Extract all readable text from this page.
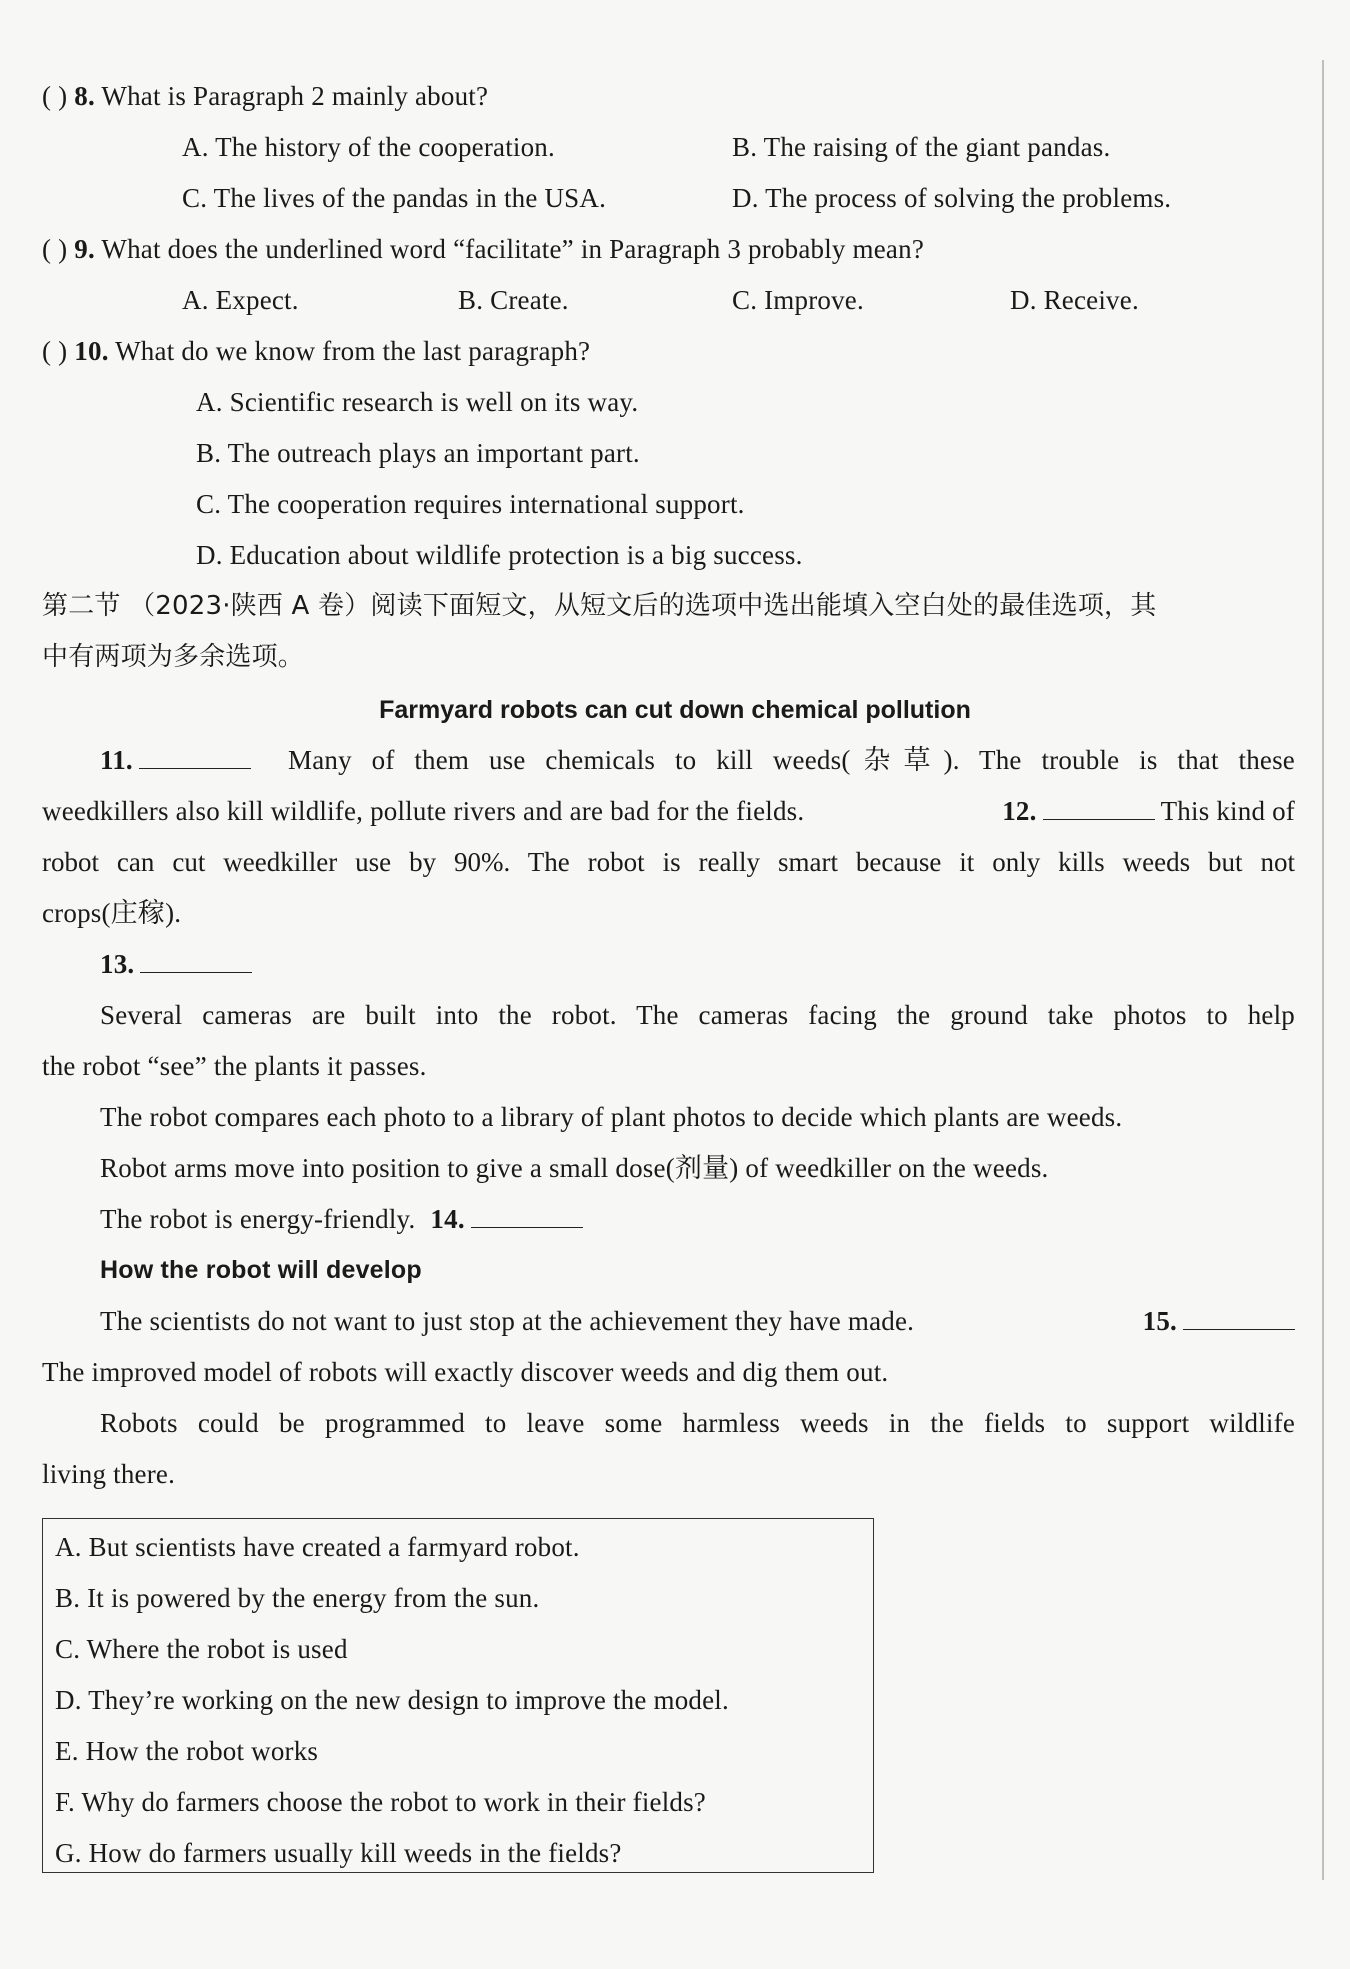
( ) 8. What is Paragraph 2 mainly about?
A. The history of the cooperation.	B. The raising of the giant pandas.
C. The lives of the pandas in the USA.	D. The process of solving the problems.
( ) 9. What does the underlined word “facilitate” in Paragraph 3 probably mean?
A. Expect.	B. Create.	C. Improve.	D. Receive.
( ) 10. What do we know from the last paragraph?
A. Scientific research is well on its way.
B. The outreach plays an important part.
C. The cooperation requires international support.
D. Education about wildlife protection is a big success.
第二节 （2023·陕西 A 卷）阅读下面短文，从短文后的选项中选出能填入空白处的最佳选项，其
中有两项为多余选项。
Farmyard robots can cut down chemical pollution
11.	Many of them use chemicals to kill weeds(杂草). The trouble is that these
weedkillers also kill wildlife, pollute rivers and are bad for the fields.	12.	This kind of
robot can cut weedkiller use by 90%. The robot is really smart because it only kills weeds but not
crops(庄稼).
13.
Several cameras are built into the robot. The cameras facing the ground take photos to help
the robot “see” the plants it passes.
The robot compares each photo to a library of plant photos to decide which plants are weeds.
Robot arms move into position to give a small dose(剂量) of weedkiller on the weeds.
The robot is energy-friendly. 14.
How the robot will develop
The scientists do not want to just stop at the achievement they have made.	15.
The improved model of robots will exactly discover weeds and dig them out.
Robots could be programmed to leave some harmless weeds in the fields to support wildlife
living there.
A. But scientists have created a farmyard robot.
B. It is powered by the energy from the sun.
C. Where the robot is used
D. They’re working on the new design to improve the model.
E. How the robot works
F. Why do farmers choose the robot to work in their fields?
G. How do farmers usually kill weeds in the fields?
